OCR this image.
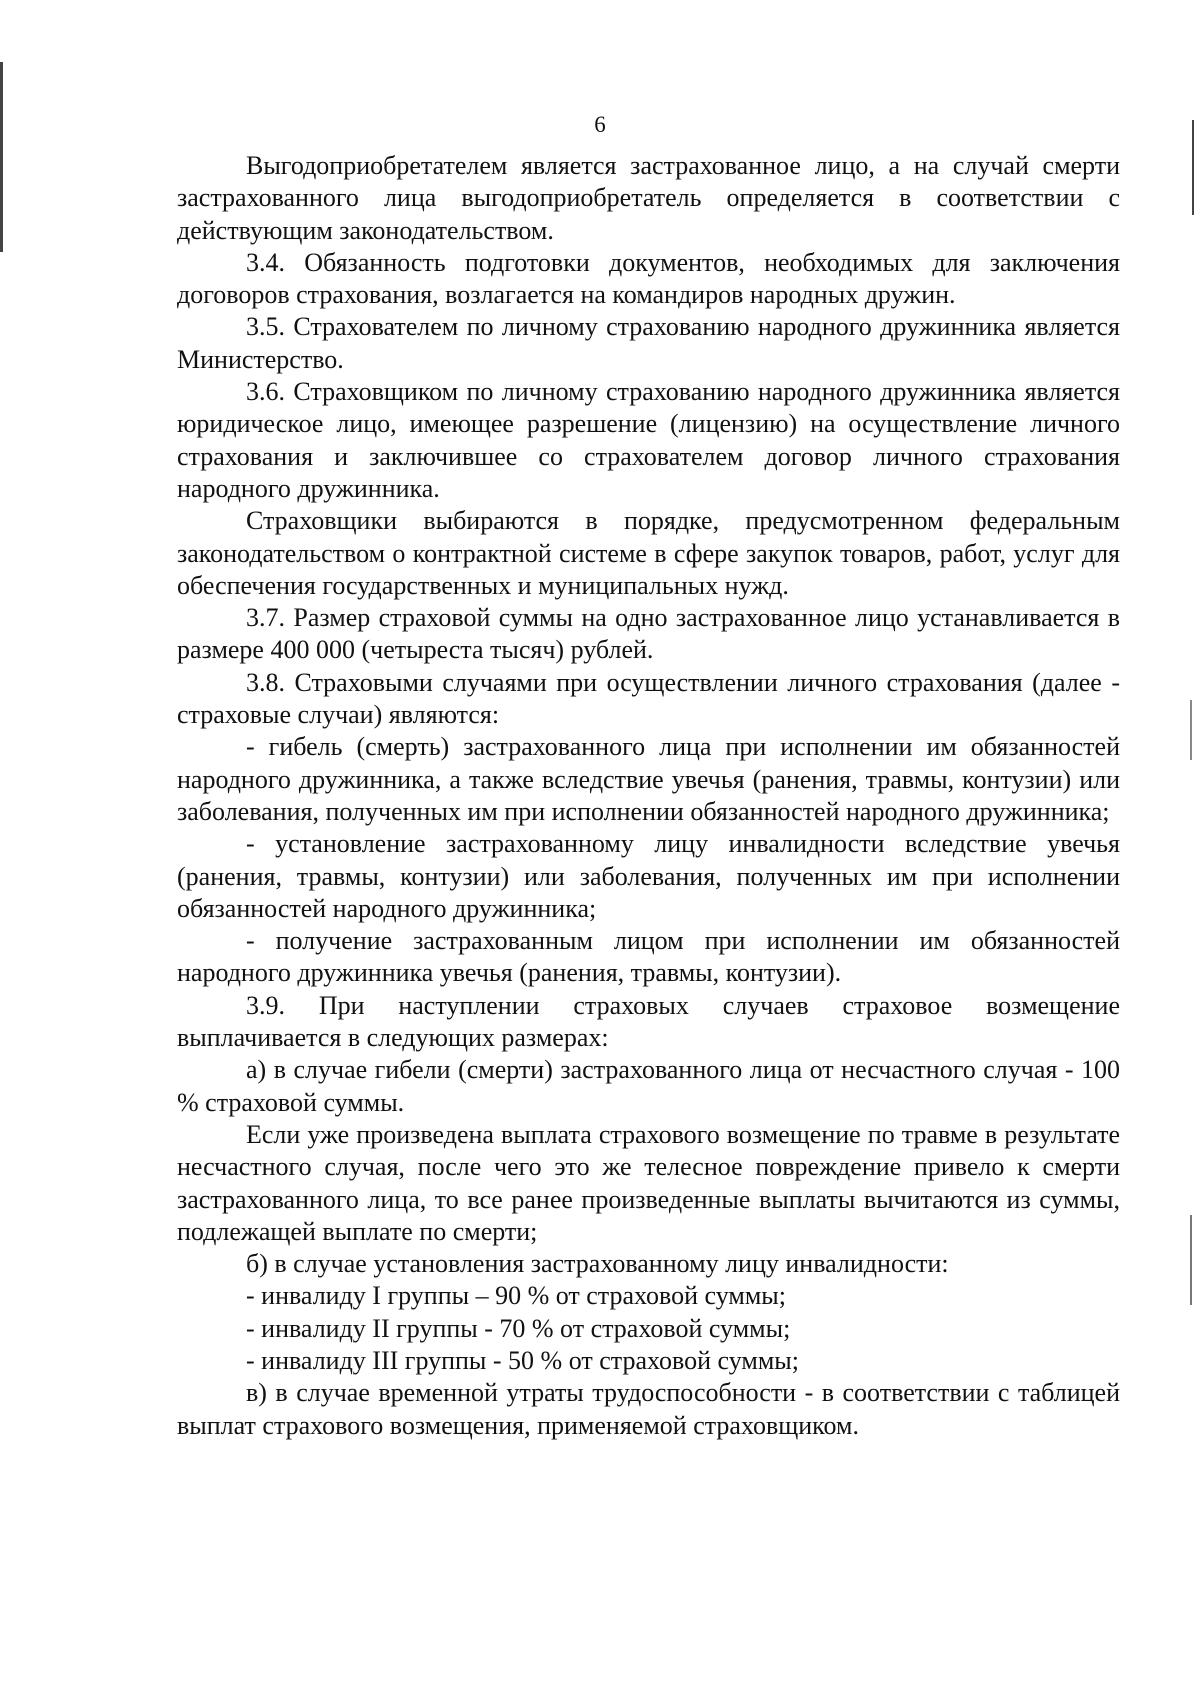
6

Выгодоприобретателем является застрахованное лицо, а на случай смерти застрахованного лица выгодоприобретатель определяется в соответствии с действующим законодательством.

3.4. Обязанность подготовки документов, необходимых для заключения договоров страхования, возлагается на командиров народных дружин.

3.5. Страхователем по личному страхованию народного дружинника является Министерство.

3.6. Страховщиком по личному страхованию народного дружинника является юридическое лицо, имеющее разрешение (лицензию) на осуществление личного страхования и заключившее со страхователем договор личного страхования народного дружинника.

Страховщики выбираются в порядке, предусмотренном федеральным законодательством о контрактной системе в сфере закупок товаров, работ, услуг для обеспечения государственных и муниципальных нужд.

3.7. Размер страховой суммы на одно застрахованное лицо устанавливается в размере 400 000 (четыреста тысяч) рублей.

3.8. Страховыми случаями при осуществлении личного страхования (далее - страховые случаи) являются:

- гибель (смерть) застрахованного лица при исполнении им обязанностей народного дружинника, а также вследствие увечья (ранения, травмы, контузии) или заболевания, полученных им при исполнении обязанностей народного дружинника;

- установление застрахованному лицу инвалидности вследствие увечья (ранения, травмы, контузии) или заболевания, полученных им при исполнении обязанностей народного дружинника;

- получение застрахованным лицом при исполнении им обязанностей народного дружинника увечья (ранения, травмы, контузии).

3.9. При наступлении страховых случаев страховое возмещение выплачивается в следующих размерах:

а) в случае гибели (смерти) застрахованного лица от несчастного случая - 100 % страховой суммы.

Если уже произведена выплата страхового возмещение по травме в результате несчастного случая, после чего это же телесное повреждение привело к смерти застрахованного лица, то все ранее произведенные выплаты вычитаются из суммы, подлежащей выплате по смерти;

б) в случае установления застрахованному лицу инвалидности:

- инвалиду I группы – 90 % от страховой суммы;

- инвалиду II группы - 70 % от страховой суммы;

- инвалиду III группы - 50 % от страховой суммы;

в) в случае временной утраты трудоспособности - в соответствии с таблицей выплат страхового возмещения, применяемой страховщиком.
